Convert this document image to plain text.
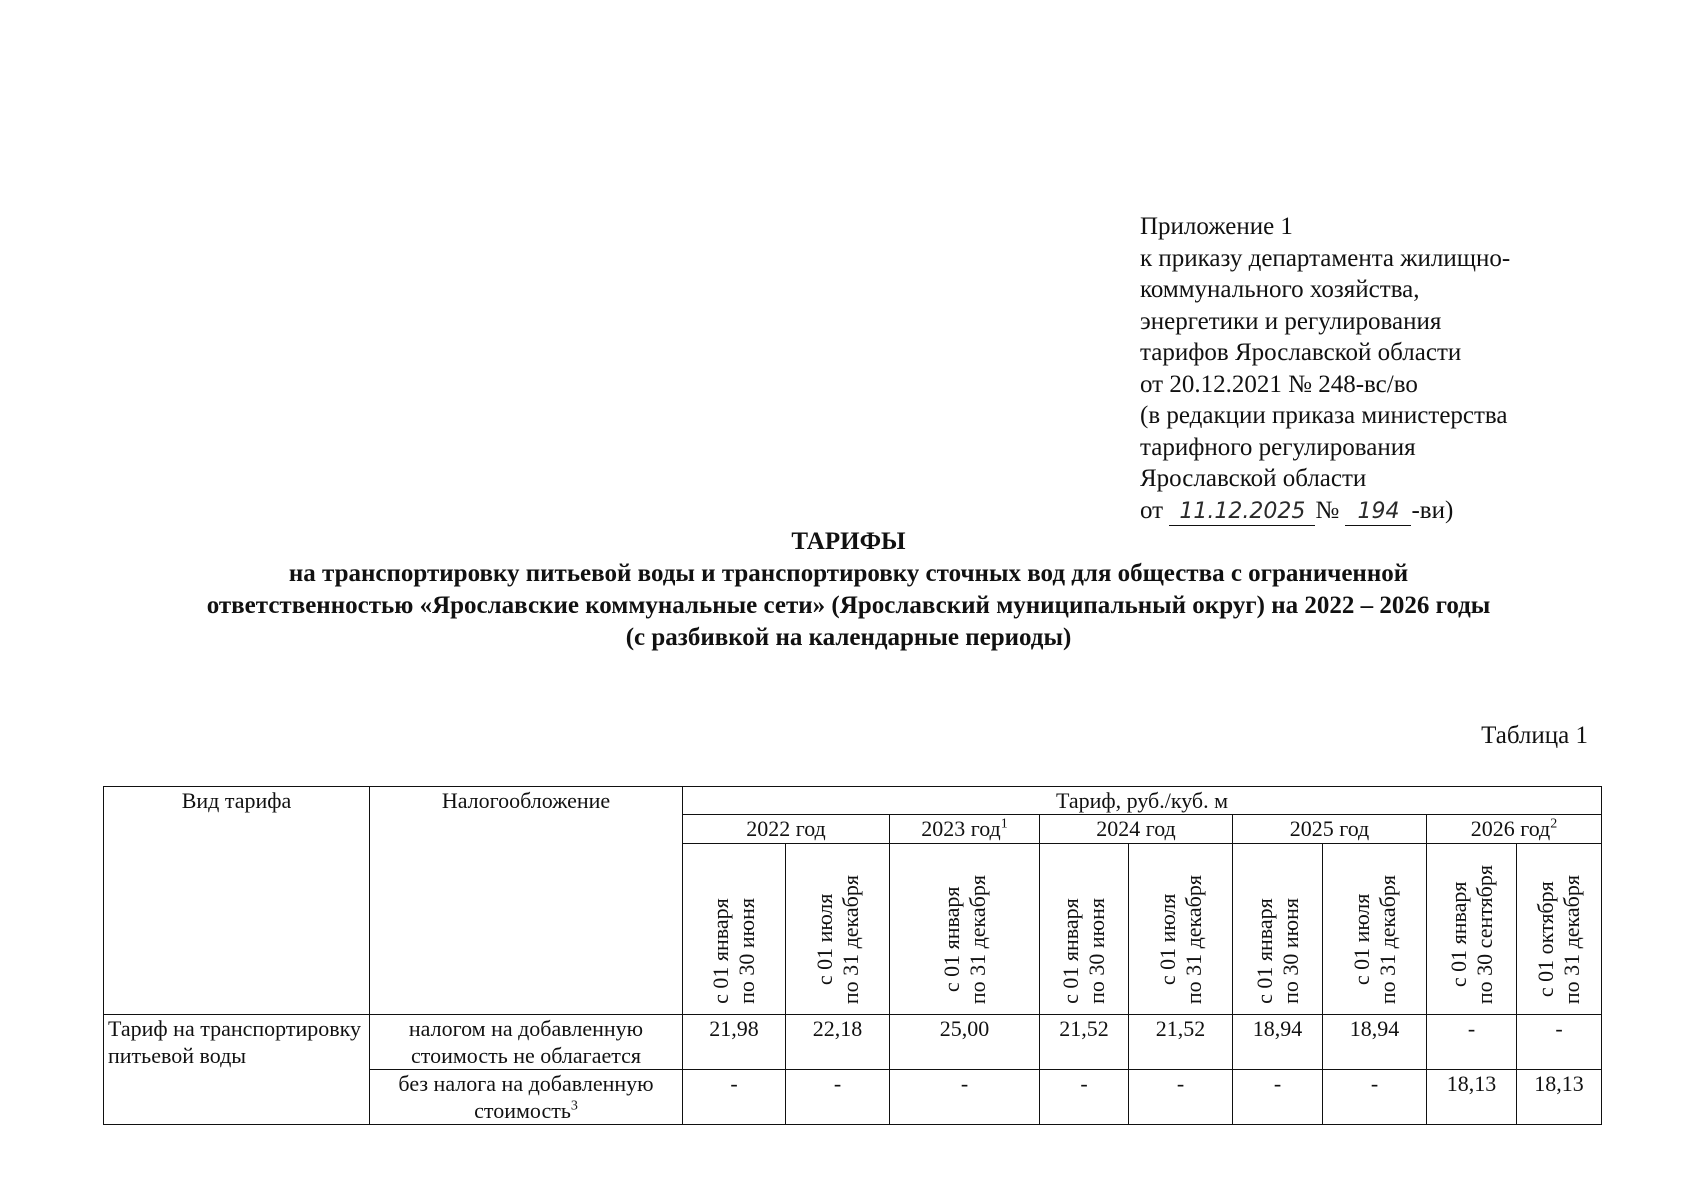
Приложение 1
к приказу департамента жилищно-
коммунального хозяйства,
энергетики и регулирования
тарифов Ярославской области
от 20.12.2021 № 248-вс/во
(в редакции приказа министерства
тарифного регулирования
Ярославской области
от 11.12.2025 № 194 -ви)
ТАРИФЫ
на транспортировку питьевой воды и транспортировку сточных вод для общества с ограниченной
ответственностью «Ярославские коммунальные сети» (Ярославский муниципальный округ) на 2022 – 2026 годы
(с разбивкой на календарные периоды)
Таблица 1
Вид тарифа	Налогообложение	Тариф, руб./куб. м								
		2022 год		2023 год$^1$	2024 год		2025 год		2026 год$^2$

		с 01 января
по 30 июня	с 01 июля
по 31 декабря	с 01 января
по 31 декабря	с 01 января
по 30 июня	с 01 июля
по 31 декабря	с 01 января
по 30 июня	с 01 июля
по 31 декабря	с 01 января
по 30 сентября	с 01 октября
по 31 декабря

Тариф на транспортировку питьевой воды	налогом на добавленную стоимость не облагается	21,98	22,18	25,00	21,52	21,52	18,94	18,94	-	-
	без налога на добавленную стоимость$^3$	-	-	-	-	-	-	-	18,13	18,13
